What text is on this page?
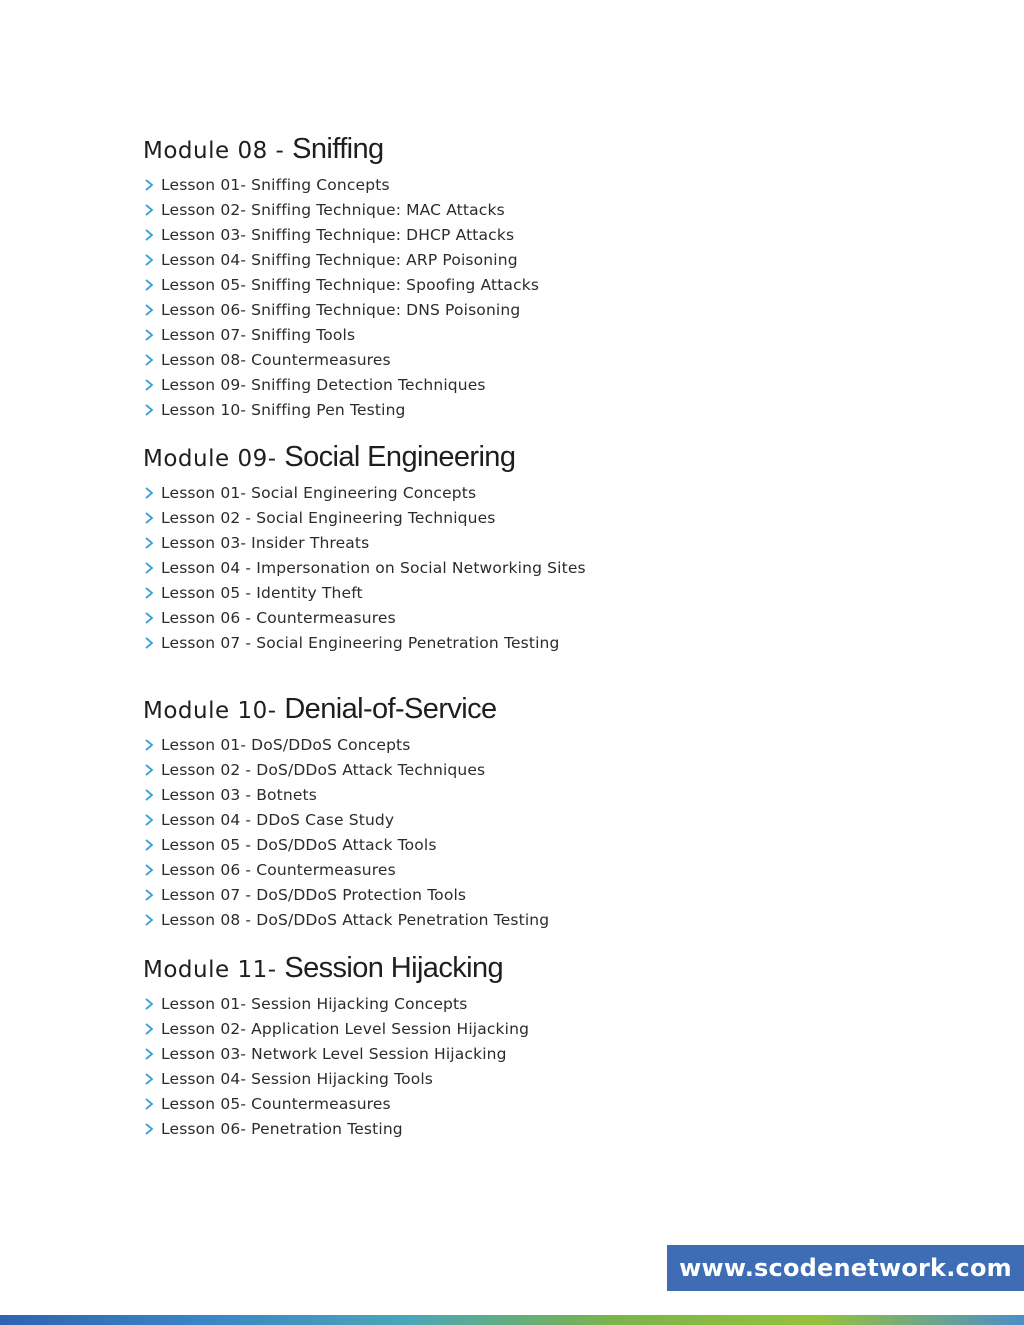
Module 08 - Sniffing
Lesson 01- Sniffing Concepts
Lesson 02- Sniffing Technique: MAC Attacks
Lesson 03- Sniffing Technique: DHCP Attacks
Lesson 04- Sniffing Technique: ARP Poisoning
Lesson 05- Sniffing Technique: Spoofing Attacks
Lesson 06- Sniffing Technique: DNS Poisoning
Lesson 07- Sniffing Tools
Lesson 08- Countermeasures
Lesson 09- Sniffing Detection Techniques
Lesson 10- Sniffing Pen Testing
Module 09- Social Engineering
Lesson 01- Social Engineering Concepts
Lesson 02 - Social Engineering Techniques
Lesson 03- Insider Threats
Lesson 04 - Impersonation on Social Networking Sites
Lesson 05 - Identity Theft
Lesson 06 - Countermeasures
Lesson 07 - Social Engineering Penetration Testing
Module 10- Denial-of-Service
Lesson 01- DoS/DDoS Concepts
Lesson 02 - DoS/DDoS Attack Techniques
Lesson 03 - Botnets
Lesson 04 - DDoS Case Study
Lesson 05 - DoS/DDoS Attack Tools
Lesson 06 - Countermeasures
Lesson 07 - DoS/DDoS Protection Tools
Lesson 08 - DoS/DDoS Attack Penetration Testing
Module 11- Session Hijacking
Lesson 01- Session Hijacking Concepts
Lesson 02- Application Level Session Hijacking
Lesson 03- Network Level Session Hijacking
Lesson 04- Session Hijacking Tools
Lesson 05- Countermeasures
Lesson 06- Penetration Testing
www.scodenetwork.com
